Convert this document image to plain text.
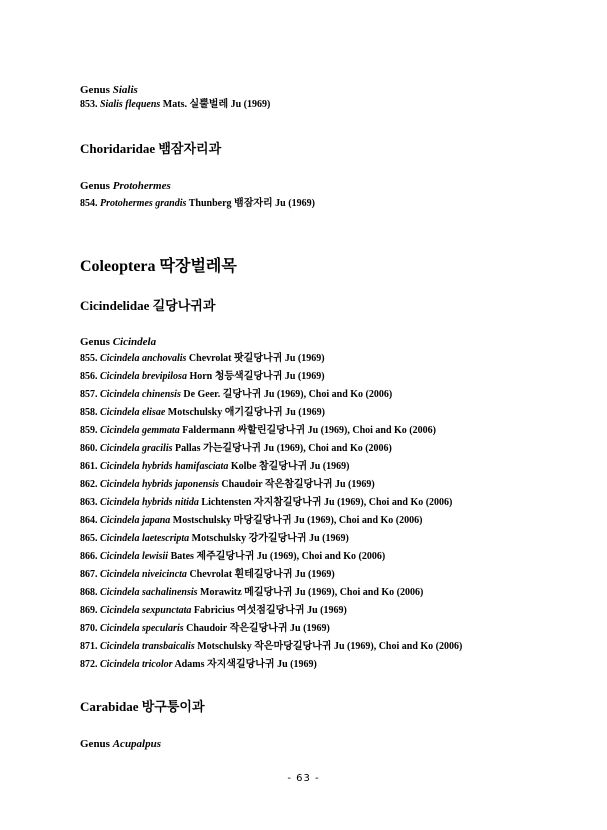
Genus Sialis
853. Sialis flequens Mats. 실뿔벌레 Ju (1969)
Choridaridae 뱀잠자리과
Genus Protohermes
854. Protohermes grandis Thunberg 뱀잠자리 Ju (1969)
Coleoptera 딱장벌레목
Cicindelidae 길당나귀과
Genus Cicindela
855. Cicindela anchovalis Chevrolat 팟길당나귀 Ju (1969)
856. Cicindela brevipilosa Horn 청등색길당나귀 Ju (1969)
857. Cicindela chinensis De Geer. 길당나귀 Ju (1969), Choi and Ko (2006)
858. Cicindela elisae Motschulsky 애기길당나귀 Ju (1969)
859. Cicindela gemmata Faldermann 싸할린길당나귀 Ju (1969), Choi and Ko (2006)
860. Cicindela gracilis Pallas 가는길당나귀 Ju (1969), Choi and Ko (2006)
861. Cicindela hybrids hamifasciata Kolbe 참길당나귀 Ju (1969)
862. Cicindela hybrids japonensis Chaudoir 작은참길당나귀 Ju (1969)
863. Cicindela hybrids nitida Lichtensten 자지참길당나귀 Ju (1969), Choi and Ko (2006)
864. Cicindela japana Mostschulsky 마당길당나귀 Ju (1969), Choi and Ko (2006)
865. Cicindela laetescripta Motschulsky 강가길당나귀 Ju (1969)
866. Cicindela lewisii Bates 제주길당나귀 Ju (1969), Choi and Ko (2006)
867. Cicindela niveicincta Chevrolat 흰테길당나귀 Ju (1969)
868. Cicindela sachalinensis Morawitz 메길당나귀 Ju (1969), Choi and Ko (2006)
869. Cicindela sexpunctata Fabricius 여섯점길당나귀 Ju (1969)
870. Cicindela specularis Chaudoir 작은길당나귀 Ju (1969)
871. Cicindela transbaicalis Motschulsky 작은마당길당나귀 Ju (1969), Choi and Ko (2006)
872. Cicindela tricolor Adams 자지색길당나귀 Ju (1969)
Carabidae 방구퉁이과
Genus Acupalpus
- 63 -
